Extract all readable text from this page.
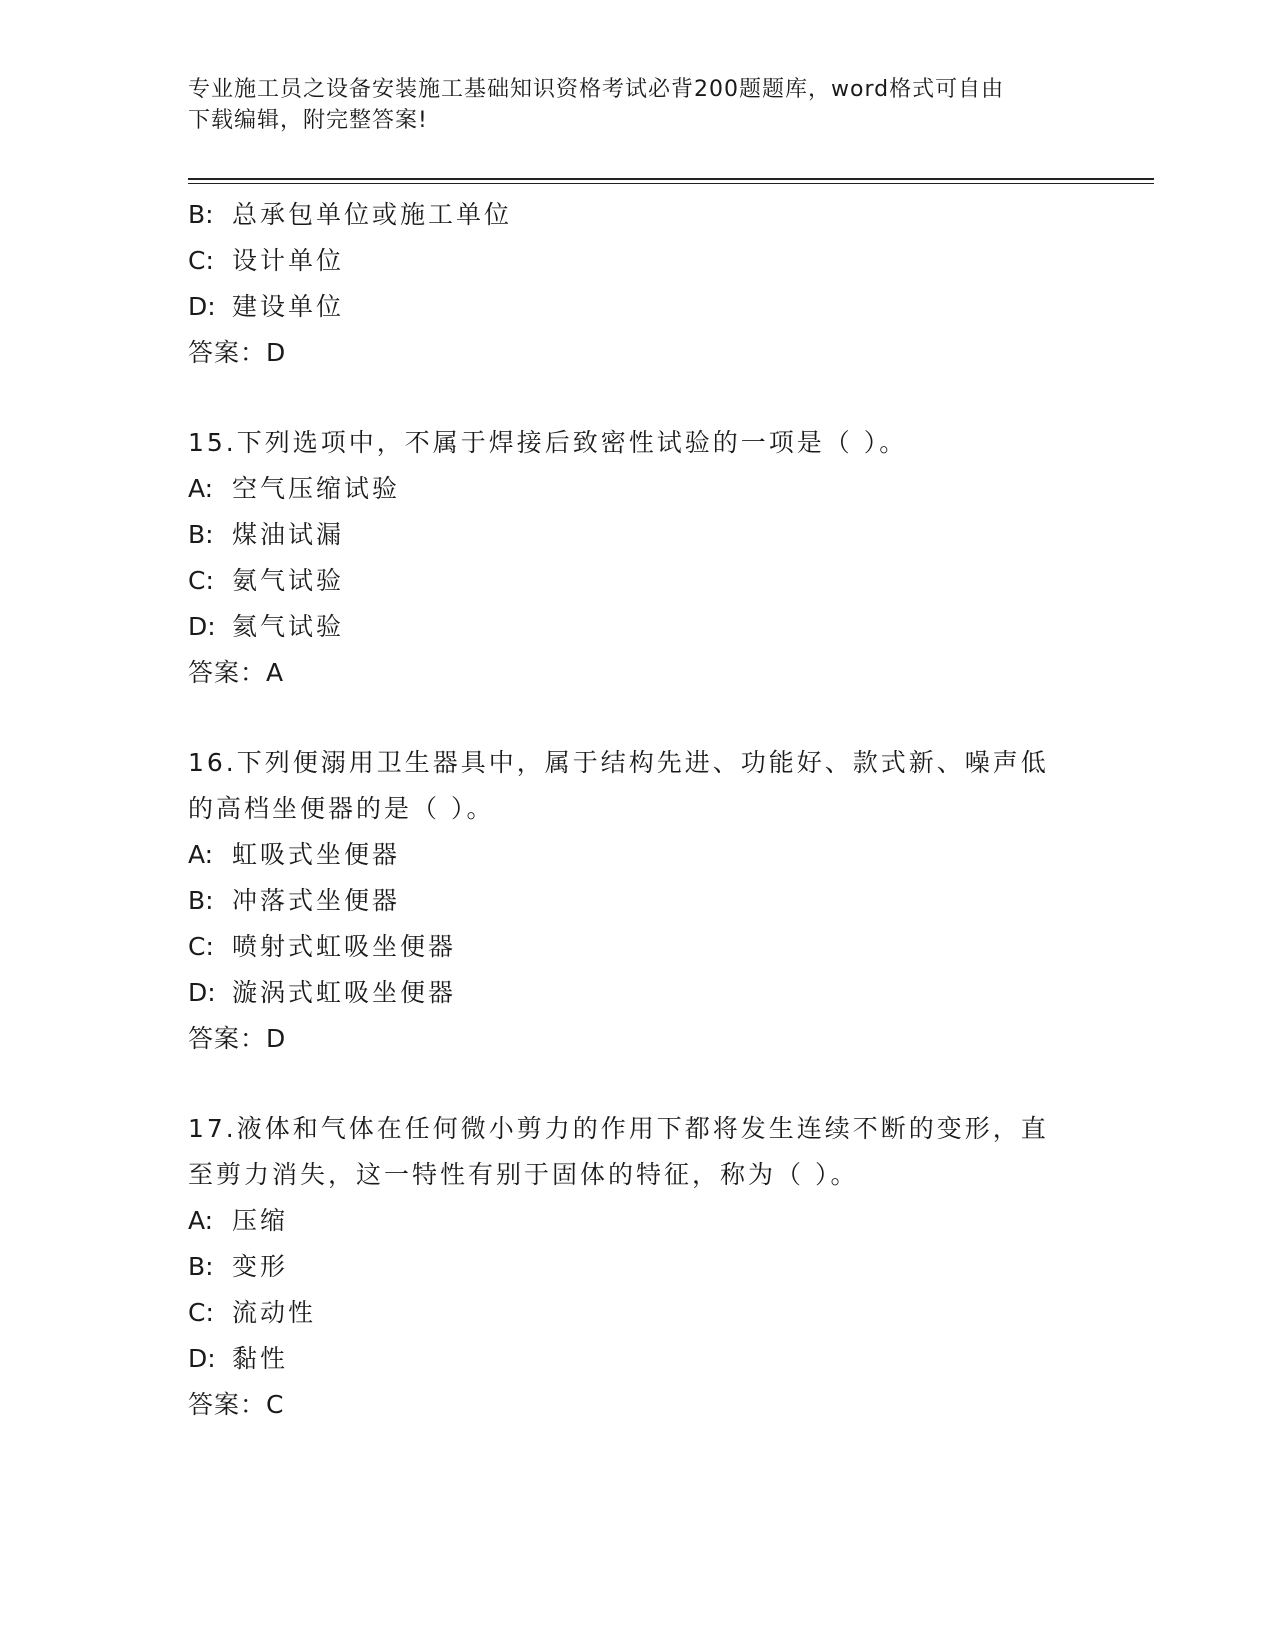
专业施工员之设备安装施工基础知识资格考试必背200题题库，word格式可自由
下载编辑，附完整答案!
B: 总承包单位或施工单位
C: 设计单位
D: 建设单位
答案：D
15.下列选项中，不属于焊接后致密性试验的一项是（ ）。
A: 空气压缩试验
B: 煤油试漏
C: 氨气试验
D: 氦气试验
答案：A
16.下列便溺用卫生器具中，属于结构先进、功能好、款式新、噪声低
的高档坐便器的是（ ）。
A: 虹吸式坐便器
B: 冲落式坐便器
C: 喷射式虹吸坐便器
D: 漩涡式虹吸坐便器
答案：D
17.液体和气体在任何微小剪力的作用下都将发生连续不断的变形，直
至剪力消失，这一特性有别于固体的特征，称为（ ）。
A: 压缩
B: 变形
C: 流动性
D: 黏性
答案：C
